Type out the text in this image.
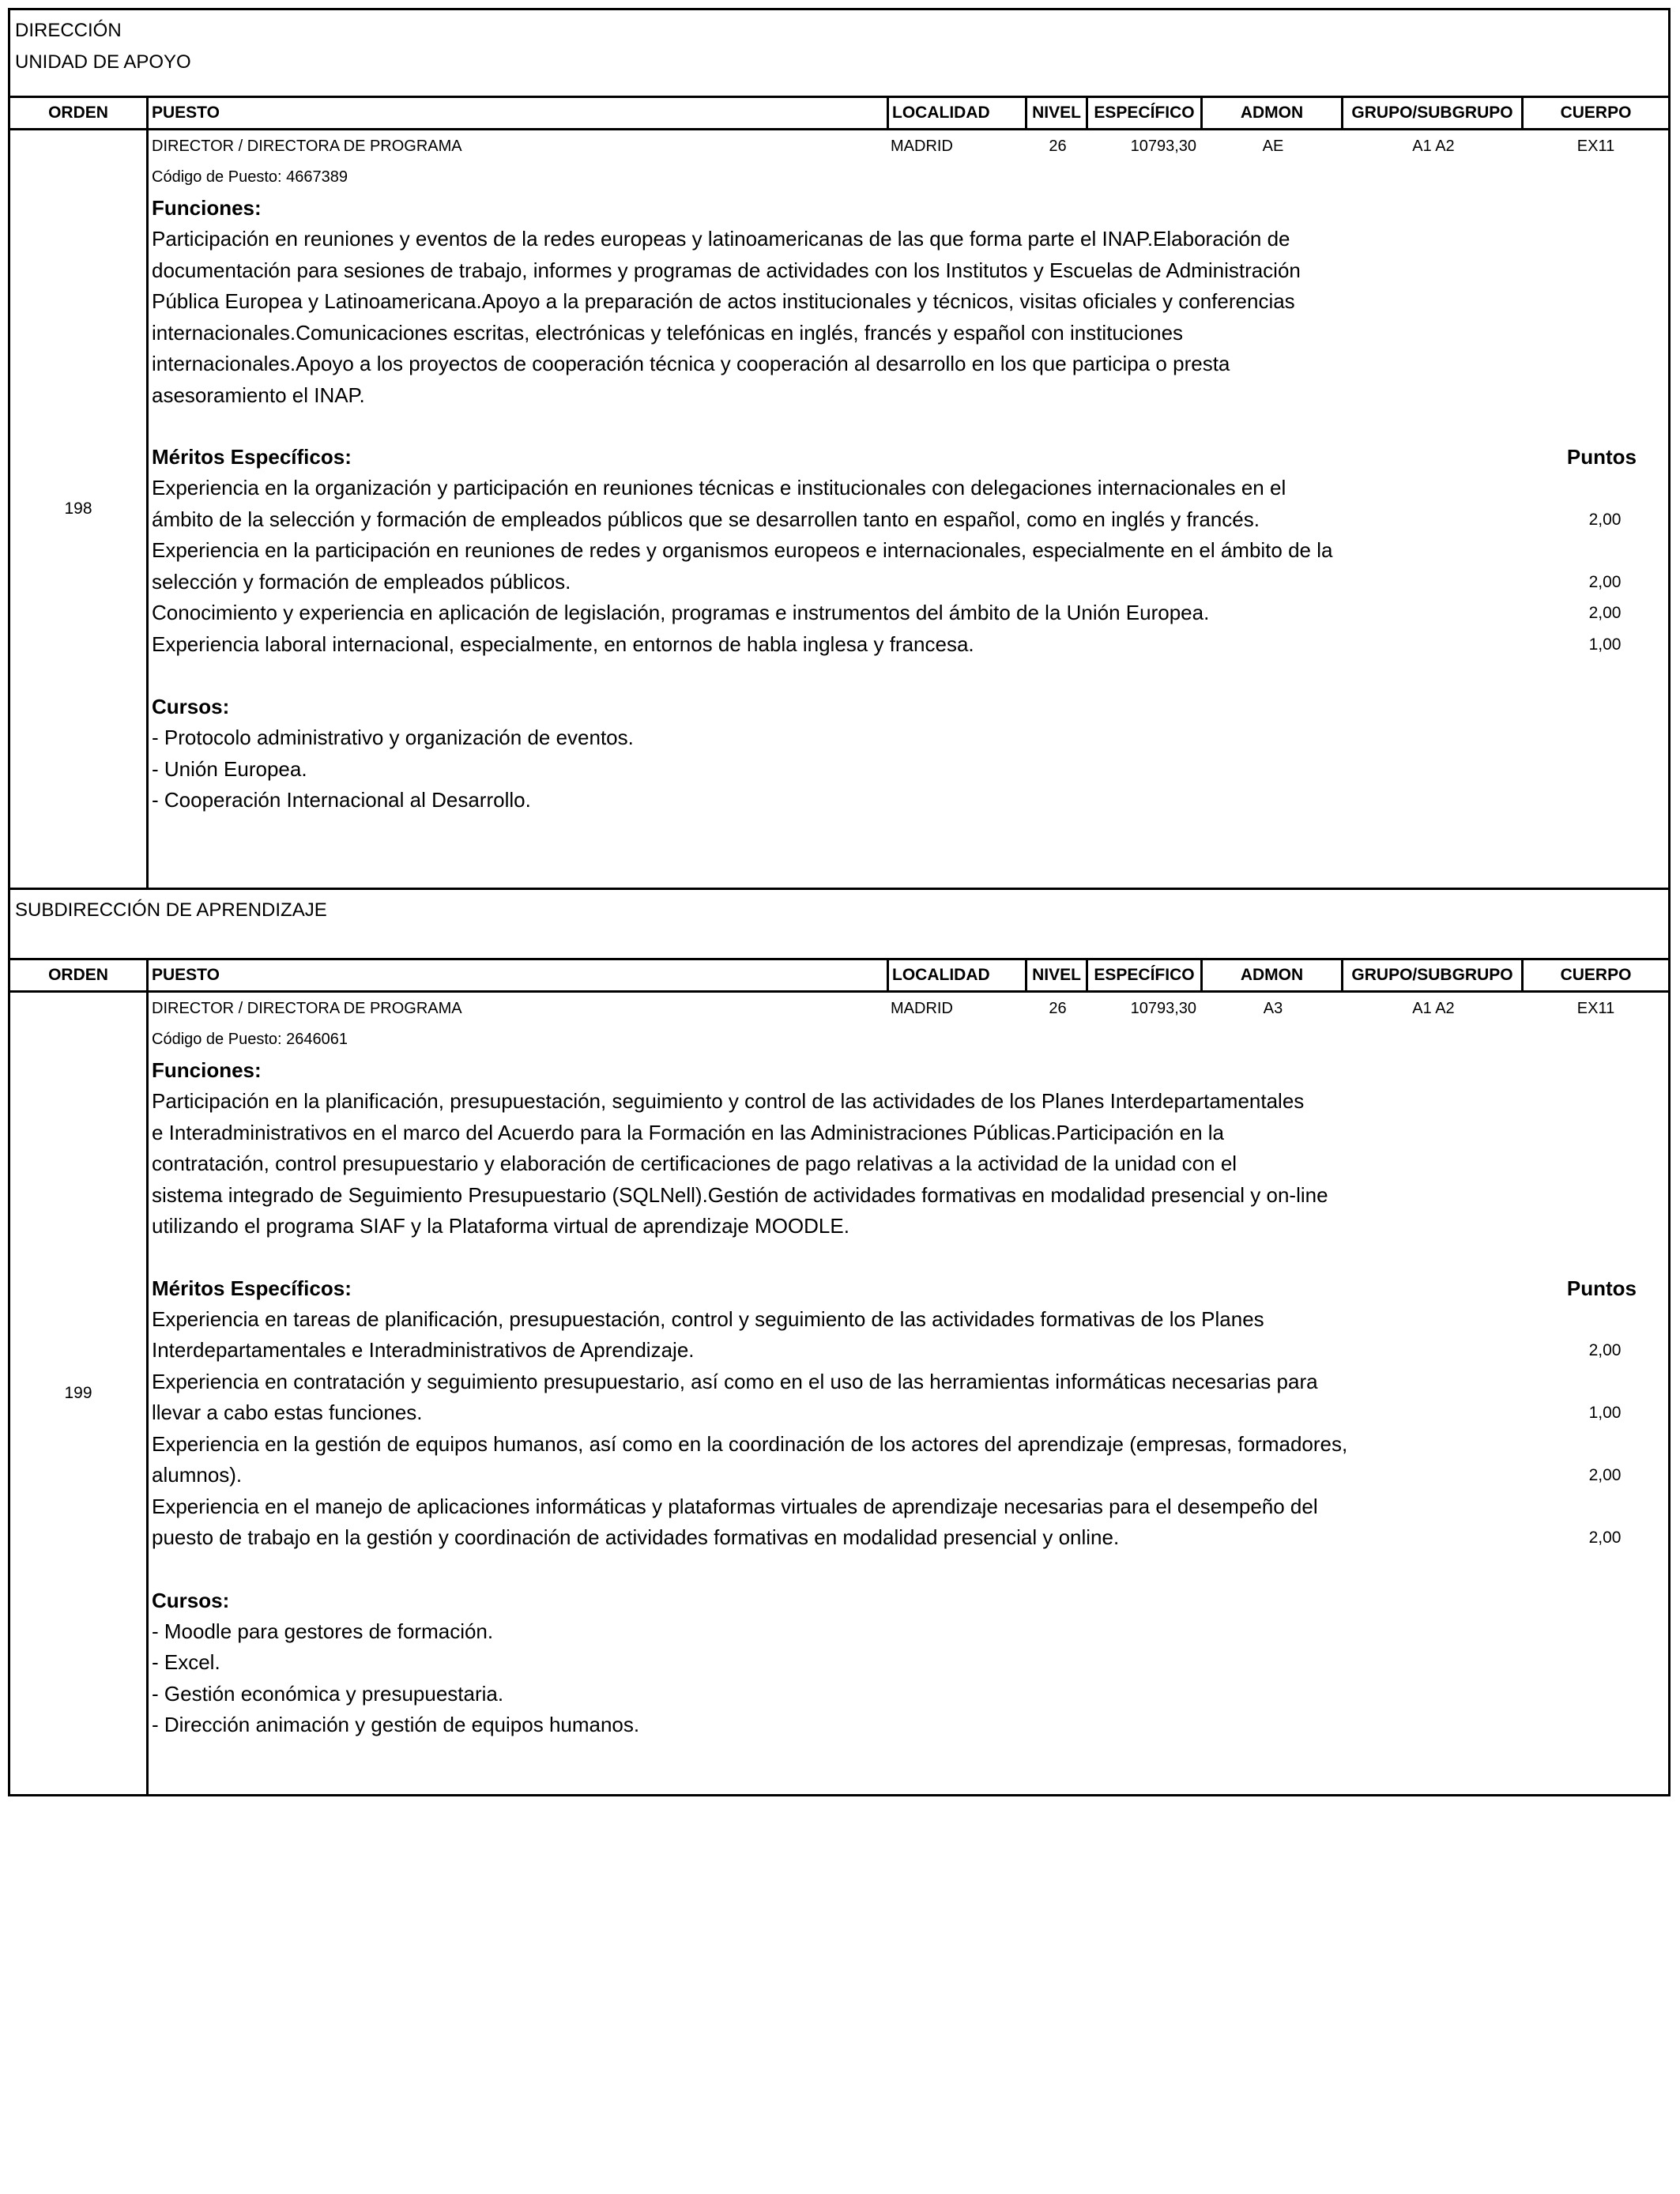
DIRECCIÓN
UNIDAD DE APOYO
ORDEN	PUESTO	LOCALIDAD	NIVEL ESPECÍFICO	ADMON	GRUPO/SUBGRUPO	CUERPO
198
DIRECTOR / DIRECTORA DE PROGRAMA	MADRID	26	10793,30	AE	A1 A2	EX11
Código de Puesto: 4667389
Funciones:
Participación en reuniones y eventos de la redes europeas y latinoamericanas de las que forma parte el INAP.Elaboración de
documentación para sesiones de trabajo, informes y programas de actividades con los Institutos y Escuelas de Administración
Pública Europea y Latinoamericana.Apoyo a la preparación de actos institucionales y técnicos, visitas oficiales y conferencias
internacionales.Comunicaciones escritas, electrónicas y telefónicas en inglés, francés y español con instituciones
internacionales.Apoyo a los proyectos de cooperación técnica y cooperación al desarrollo en los que participa o presta
asesoramiento el INAP.
Méritos Específicos:	Puntos
Experiencia en la organización y participación en reuniones técnicas e institucionales con delegaciones internacionales en el
ámbito de la selección y formación de empleados públicos que se desarrollen tanto en español, como en inglés y francés.	2,00
Experiencia en la participación en reuniones de redes y organismos europeos e internacionales, especialmente en el ámbito de la
selección y formación de empleados públicos.	2,00
Conocimiento y experiencia en aplicación de legislación, programas e instrumentos del ámbito de la Unión Europea.	2,00
Experiencia laboral internacional, especialmente, en entornos de habla inglesa y francesa.	1,00
Cursos:
- Protocolo administrativo y organización de eventos.
- Unión Europea.
- Cooperación Internacional al Desarrollo.
SUBDIRECCIÓN DE APRENDIZAJE
ORDEN	PUESTO	LOCALIDAD	NIVEL ESPECÍFICO	ADMON	GRUPO/SUBGRUPO	CUERPO
199
DIRECTOR / DIRECTORA DE PROGRAMA	MADRID	26	10793,30	A3	A1 A2	EX11
Código de Puesto: 2646061
Funciones:
Participación en la planificación, presupuestación, seguimiento y control de las actividades de los Planes Interdepartamentales
e Interadministrativos en el marco del Acuerdo para la Formación en las Administraciones Públicas.Participación en la
contratación, control presupuestario y elaboración de certificaciones de pago relativas a la actividad de la unidad con el
sistema integrado de Seguimiento Presupuestario (SQLNell).Gestión de actividades formativas en modalidad presencial y on-line
utilizando el programa SIAF y la Plataforma virtual de aprendizaje MOODLE.
Méritos Específicos:	Puntos
Experiencia en tareas de planificación, presupuestación, control y seguimiento de las actividades formativas de los Planes
Interdepartamentales e Interadministrativos de Aprendizaje.	2,00
Experiencia en contratación y seguimiento presupuestario, así como en el uso de las herramientas informáticas necesarias para
llevar a cabo estas funciones.	1,00
Experiencia en la gestión de equipos humanos, así como en la coordinación de los actores del aprendizaje (empresas, formadores,
alumnos).	2,00
Experiencia en el manejo de aplicaciones informáticas y plataformas virtuales de aprendizaje necesarias para el desempeño del
puesto de trabajo en la gestión y coordinación de actividades formativas en modalidad presencial y online.	2,00
Cursos:
- Moodle para gestores de formación.
- Excel.
- Gestión económica y presupuestaria.
- Dirección animación y gestión de equipos humanos.
